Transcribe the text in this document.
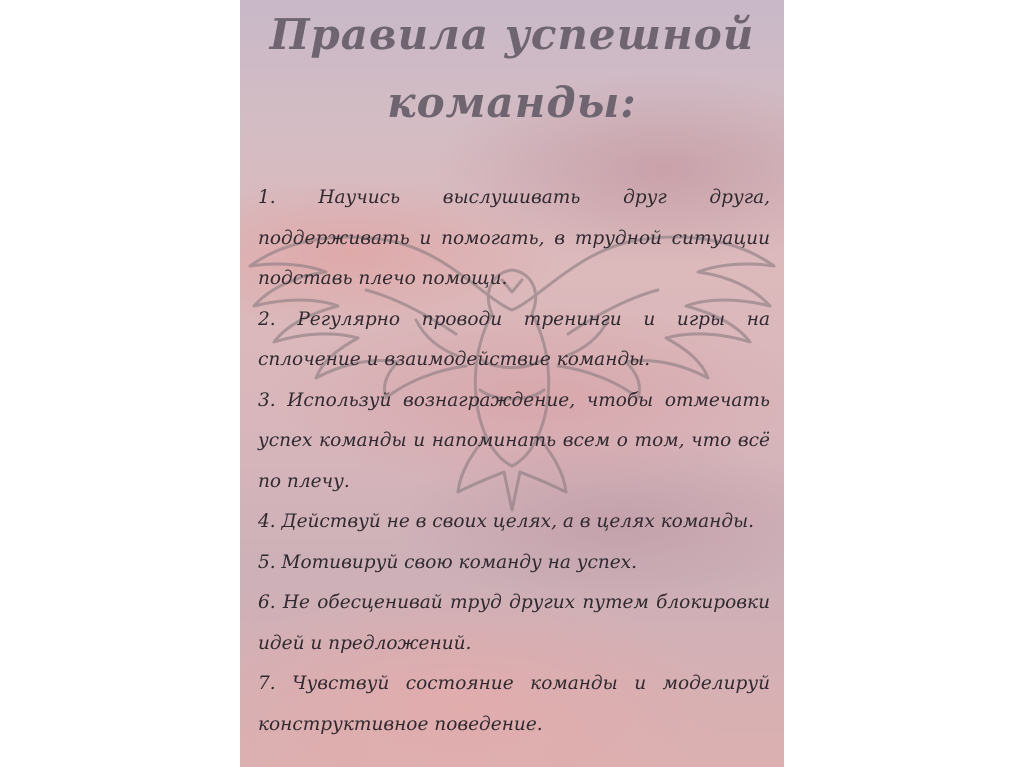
Правила успешной
команды:

1. Научись выслушивать друг друга, поддерживать и помогать, в трудной ситуации подставь плечо помощи.

2. Регулярно проводи тренинги и игры на сплочение и взаимодействие команды.

3. Используй вознаграждение, чтобы отмечать успех команды и напоминать всем о том, что всё по плечу.

4. Действуй не в своих целях, а в целях команды.

5. Мотивируй свою команду на успех.

6. Не обесценивай труд других путем блокировки идей и предложений.

7. Чувствуй состояние команды и моделируй конструктивное поведение.
